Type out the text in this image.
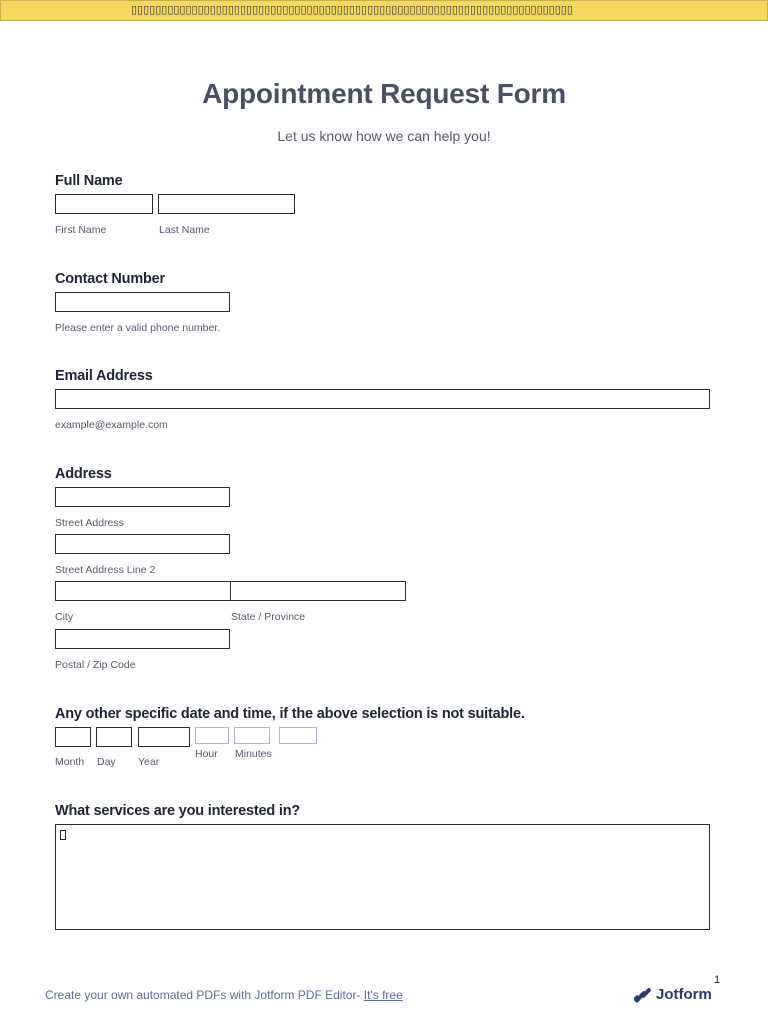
▯▯▯▯▯▯▯▯▯▯▯▯▯▯▯▯▯▯▯▯▯▯▯▯▯▯▯▯▯▯▯▯▯▯▯▯▯▯▯▯▯▯▯▯▯▯▯▯▯▯▯▯▯▯▯▯▯▯▯▯▯▯▯▯▯▯▯▯▯▯▯▯▯
Appointment Request Form
Let us know how we can help you!
Full Name
First Name	Last Name
Contact Number
Please enter a valid phone number.
Email Address
example@example.com
Address
Street Address
Street Address Line 2
City	State / Province
Postal / Zip Code
Any other specific date and time, if the above selection is not suitable.
Hour Minutes
Month Day Year
What services are you interested in?
1
Create your own automated PDFs with Jotform PDF Editor- It's free	Jotform
